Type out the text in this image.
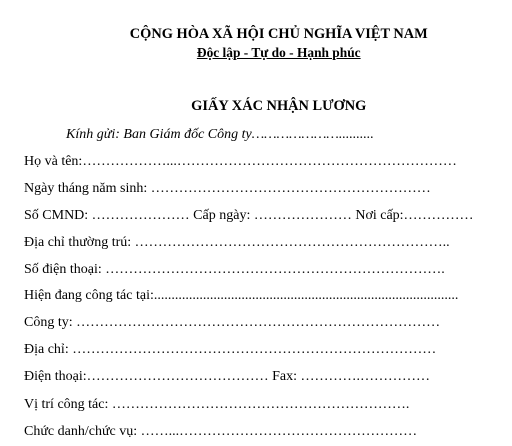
CỘNG HÒA XÃ HỘI CHỦ NGHĨA VIỆT NAM
Độc lập - Tự do - Hạnh phúc
GIẤY XÁC NHẬN LƯƠNG
Kính gửi: Ban Giám đốc Công ty…………………..........
Họ và tên:………………...……………………………………………………
Ngày tháng năm sinh: ……………………………………………………
Số CMND: ………………… Cấp ngày: ………………… Nơi cấp:……………
Địa chỉ thường trú: …………………………………………………………..
Số điện thoại: ……………………………………………………………….
Hiện đang công tác tại:.......................................................................................
Công ty: ……………………………………………………………………
Địa chỉ: ……………………………………………………………………
Điện thoại:………………………………… Fax: ………….……………
Vị trí công tác: ……………………………………………………….
Chức danh/chức vụ: ……...……………………………………………
